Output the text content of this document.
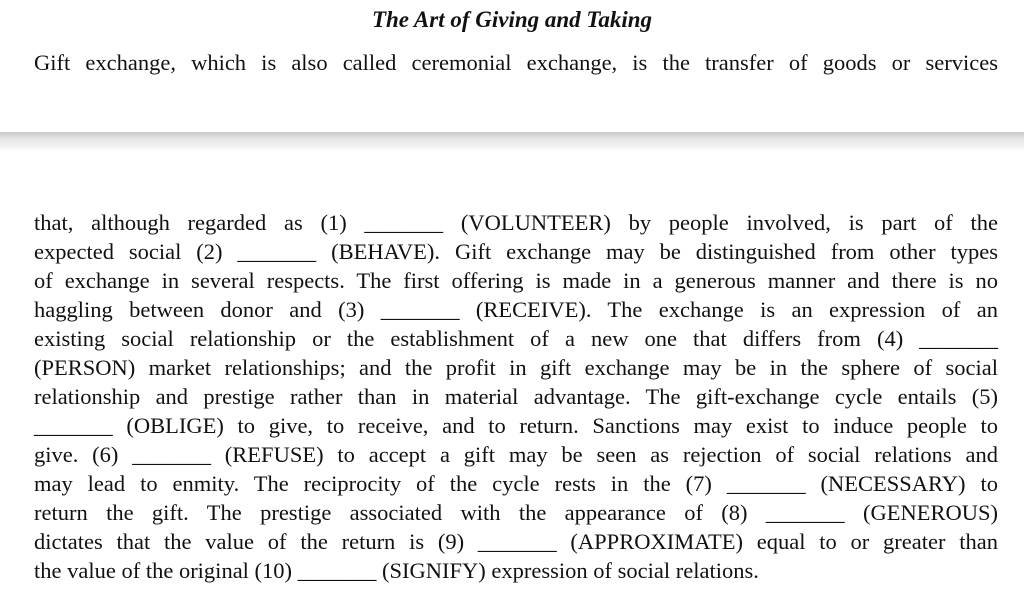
The Art of Giving and Taking

Gift exchange, which is also called ceremonial exchange, is the transfer of goods or services

that, although regarded as (1) _______ (VOLUNTEER) by people involved, is part of the
expected social (2) _______ (BEHAVE). Gift exchange may be distinguished from other types
of exchange in several respects. The first offering is made in a generous manner and there is no
haggling between donor and (3) _______ (RECEIVE). The exchange is an expression of an
existing social relationship or the establishment of a new one that differs from (4) _______
(PERSON) market relationships; and the profit in gift exchange may be in the sphere of social
relationship and prestige rather than in material advantage. The gift-exchange cycle entails (5)
_______ (OBLIGE) to give, to receive, and to return. Sanctions may exist to induce people to
give. (6) _______ (REFUSE) to accept a gift may be seen as rejection of social relations and
may lead to enmity. The reciprocity of the cycle rests in the (7) _______ (NECESSARY) to
return the gift. The prestige associated with the appearance of (8) _______ (GENEROUS)
dictates that the value of the return is (9) _______ (APPROXIMATE) equal to or greater than
the value of the original (10) _______ (SIGNIFY) expression of social relations.
